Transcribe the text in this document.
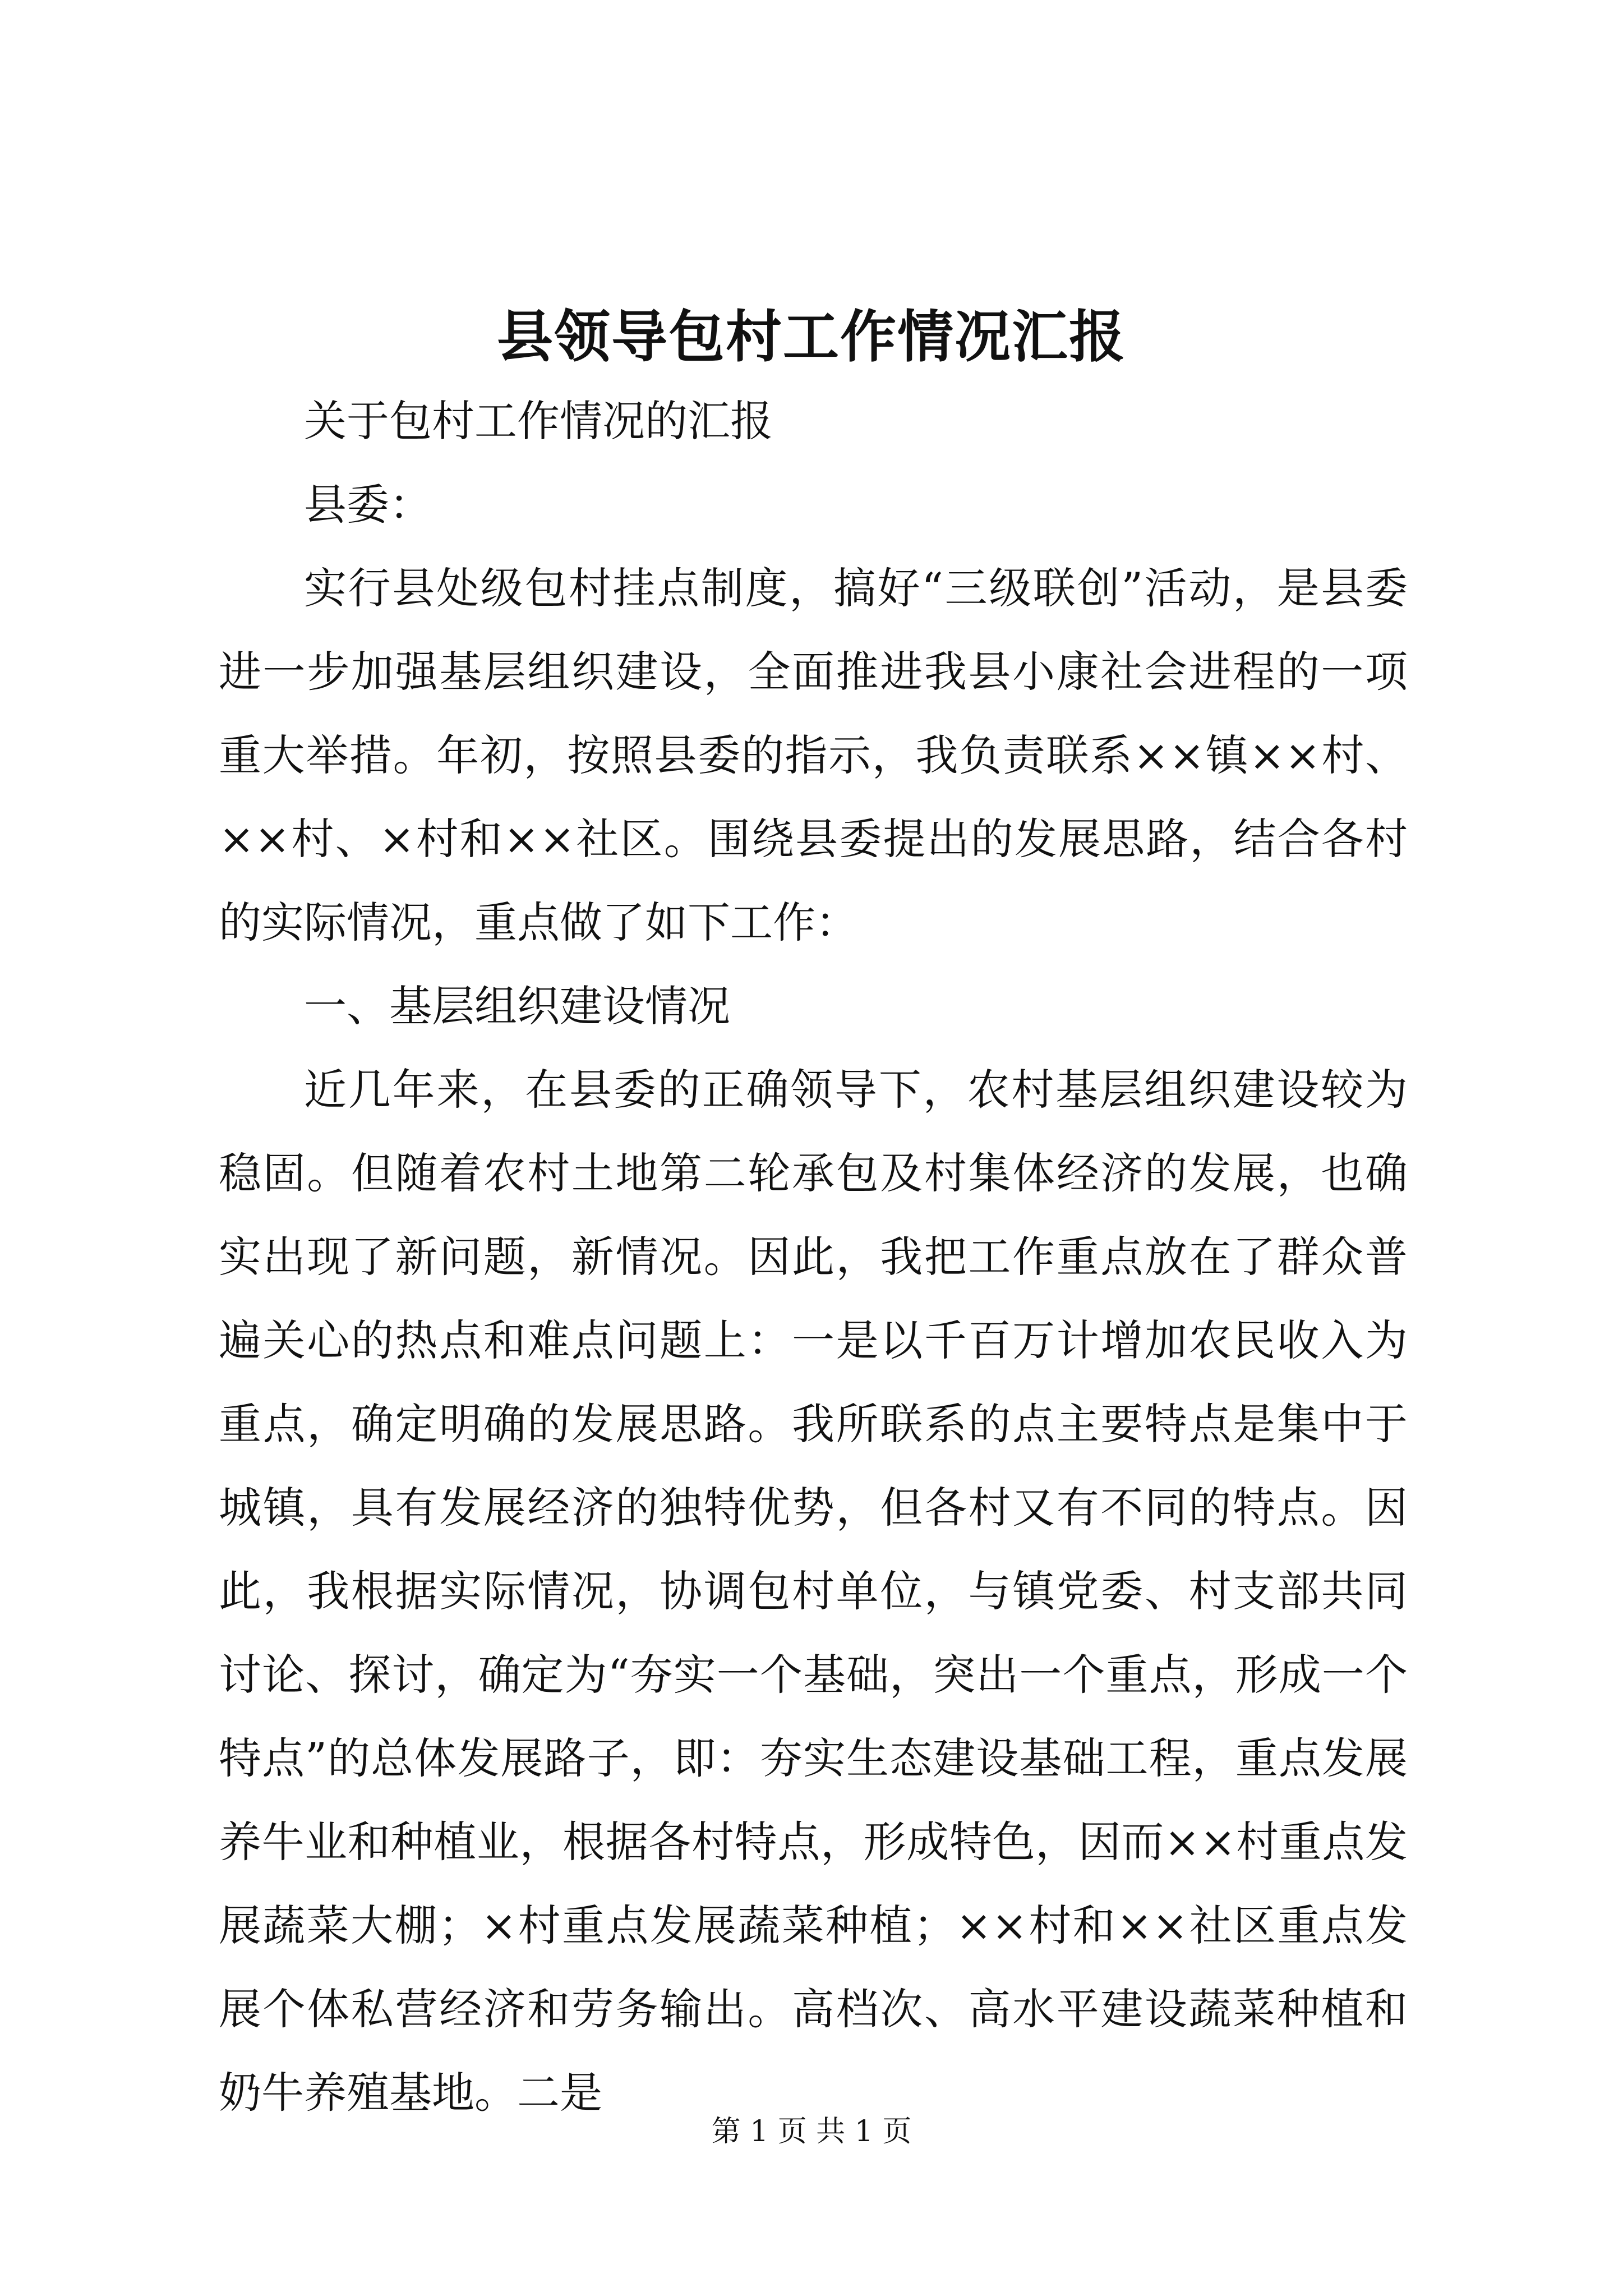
县领导包村工作情况汇报

关于包村工作情况的汇报

县委：

实行县处级包村挂点制度，搞好“三级联创”活动，是县委进一步加强基层组织建设，全面推进我县小康社会进程的一项重大举措。年初，按照县委的指示，我负责联系××镇××村、××村、×村和××社区。围绕县委提出的发展思路，结合各村的实际情况，重点做了如下工作：

一、基层组织建设情况

近几年来，在县委的正确领导下，农村基层组织建设较为稳固。但随着农村土地第二轮承包及村集体经济的发展，也确实出现了新问题，新情况。因此，我把工作重点放在了群众普遍关心的热点和难点问题上：一是以千百万计增加农民收入为重点，确定明确的发展思路。我所联系的点主要特点是集中于城镇，具有发展经济的独特优势，但各村又有不同的特点。因此，我根据实际情况，协调包村单位，与镇党委、村支部共同讨论、探讨，确定为“夯实一个基础，突出一个重点，形成一个特点”的总体发展路子，即：夯实生态建设基础工程，重点发展养牛业和种植业，根据各村特点，形成特色，因而××村重点发展蔬菜大棚；×村重点发展蔬菜种植；××村和××社区重点发展个体私营经济和劳务输出。高档次、高水平建设蔬菜种植和奶牛养殖基地。二是

第 1 页 共 1 页
